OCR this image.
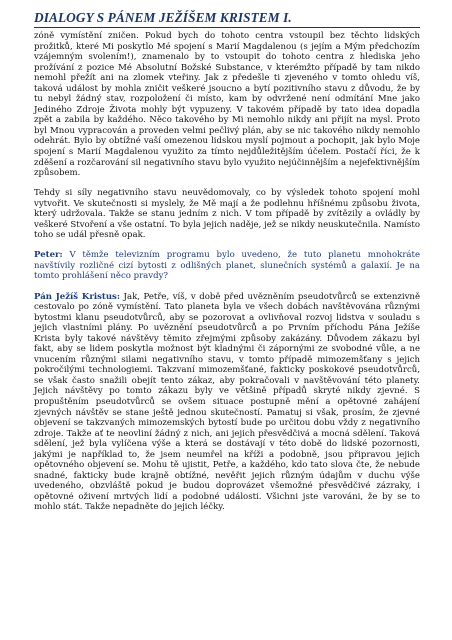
DIALOGY S PÁNEM JEŽÍŠEM KRISTEM I.

zóně vymístění zničen. Pokud bych do tohoto centra vstoupil bez těchto lidských prožitků, které Mi poskytlo Mé spojení s Marií Magdalenou (s jejím a Mým předchozím vzájemným svolením!), znamenalo by to vstoupit do tohoto centra z hlediska jeho prožívání z pozice Mé Absolutní Božské Substance, v kterémžto případě by tam nikdo nemohl přežít ani na zlomek vteřiny. Jak z předešle ti zjeveného v tomto ohledu víš, taková událost by mohla zničit veškeré jsoucno a bytí pozitivního stavu z důvodu, že by tu nebyl žádný stav, rozpoložení či místo, kam by odvržené není odmítání Mne jako Jediného Zdroje Života mohly být vypuzeny. V takovém případě by tato idea dopadla zpět a zabila by každého. Něco takového by Mi nemohlo nikdy ani přijít na mysl. Proto byl Mnou vypracován a proveden velmi pečlivý plán, aby se nic takového nikdy nemohlo odehrát. Bylo by obtížné vaší omezenou lidskou myslí pojmout a pochopit, jak bylo Moje spojení s Marií Magdalenou využito za tímto nejdůležitějším účelem. Postačí říci, že k zděšení a rozčarování sil negativního stavu bylo využito nejúčinnějším a nejefektivnějším způsobem.

Tehdy si síly negativního stavu neuvědomovaly, co by výsledek tohoto spojení mohl vytvořit. Ve skutečnosti si myslely, že Mě mají a že podlehnu hříšnému způsobu života, který udržovala. Takže se stanu jedním z nich. V tom případě by zvítězily a ovládly by veškeré Stvoření a vše ostatní. To byla jejich naděje, jež se nikdy neuskutečnila. Namísto toho se udál přesně opak.

Peter: V těmže televizním programu bylo uvedeno, že tuto planetu mnohokráte navštívily rozličné cizí bytosti z odlišných planet, slunečních systémů a galaxií. Je na tomto prohlášení něco pravdy?

Pán Ježíš Kristus: Jak, Petře, víš, v době před uvězněním pseudotvůrců se extenzivně cestovalo po zóně vymístění. Tato planeta byla ve všech dobách navštěvována různými bytostmi klanu pseudotvůrců, aby se pozorovat a ovlivňoval rozvoj lidstva v souladu s jejich vlastními plány. Po uvěznění pseudotvůrců a po Prvním příchodu Pána Ježíše Krista byly takové návštěvy těmito zřejmými způsoby zakázány. Důvodem zákazu byl fakt, aby se lidem poskytla možnost být kladnými či zápornými ze svobodné vůle, a ne vnucením různými silami negativního stavu, v tomto případě mimozemšťany s jejich pokročilými technologiemi. Takzvaní mimozemšťané, fakticky poskokové pseudotvůrců, se však často snažili obejít tento zákaz, aby pokračovali v navštěvování této planety. Jejich návštěvy po tomto zákazu byly ve většině případů skryté nikdy zjevné. S propuštěním pseudotvůrců se ovšem situace postupně mění a opětovné zahájení zjevných návštěv se stane ještě jednou skutečností. Pamatuj si však, prosím, že zjevné objevení se takzvaných mimozemských bytostí bude po určitou dobu vždy z negativního zdroje. Takže ať te neovliní žádný z nich, ani jejich přesvědčivá a mocná sdělení. Taková sdělení, jež byla vylíčena výše a která se dostávají v této době do lidské pozornosti, jakými je například to, že jsem neumřel na kříži a podobně, jsou připravou jejich opětovného objevení se. Mohu tě ujistit, Petře, a každého, kdo tato slova čte, že nebude snadné, fakticky bude krajně obtížné, nevěřit jejich různým údajům v duchu výše uvedeného, obzvláště pokud je budou doprovázet všemožné přesvědčivé zázraky, i opětovné oživení mrtvých lidí a podobné události. Všichni jste varováni, že by se to mohlo stát. Takže nepadněte do jejich léčky.
